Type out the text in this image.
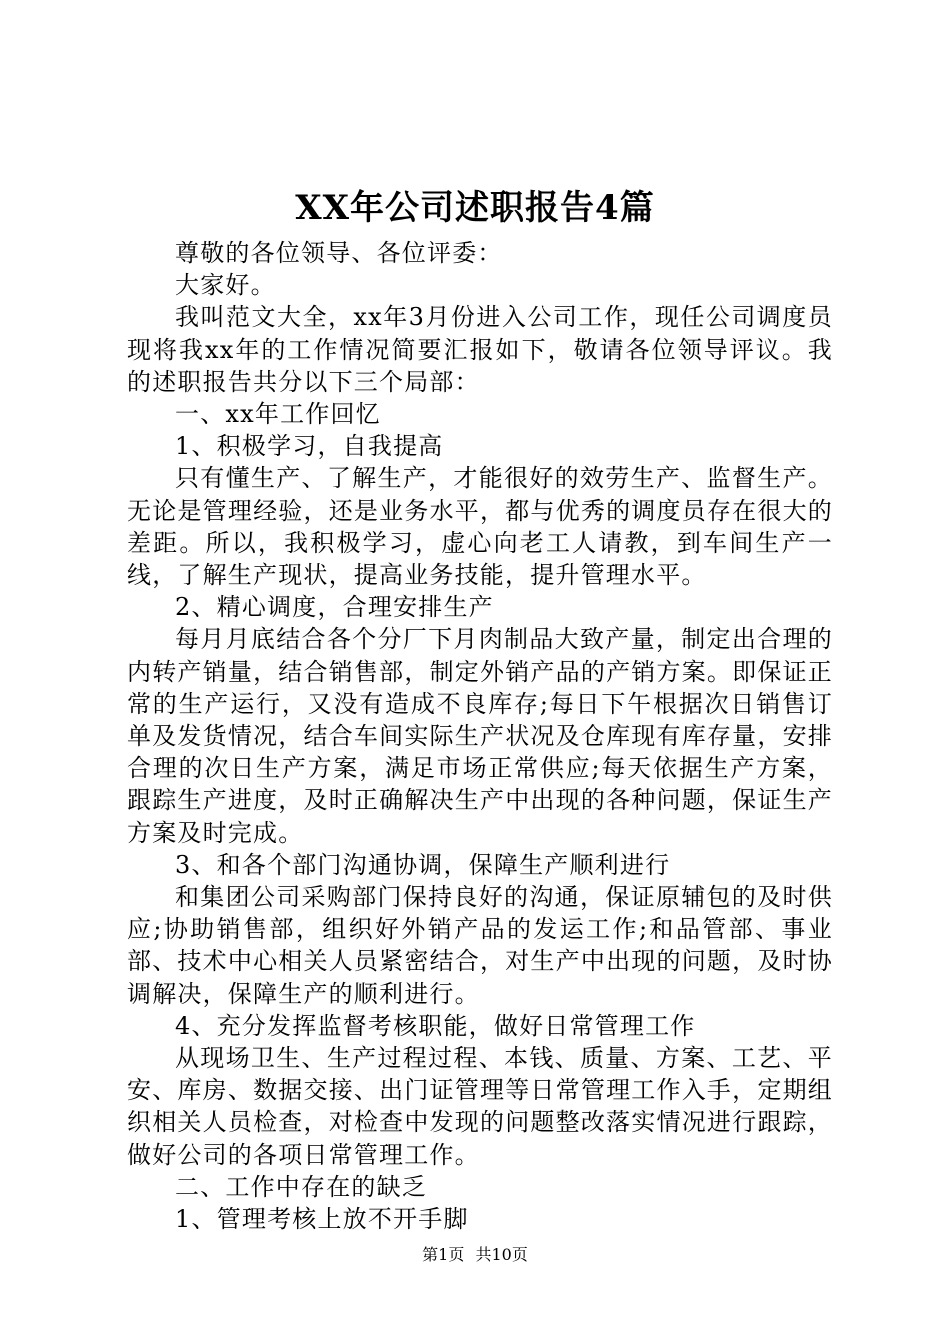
XX年公司述职报告4篇

尊敬的各位领导、各位评委：

大家好。

我叫范文大全，xx年3月份进入公司工作，现任公司调度员现将我xx年的工作情况简要汇报如下，敬请各位领导评议。我的述职报告共分以下三个局部：

一、xx年工作回忆

1、积极学习，自我提高

只有懂生产、了解生产，才能很好的效劳生产、监督生产。无论是管理经验，还是业务水平，都与优秀的调度员存在很大的差距。所以，我积极学习，虚心向老工人请教，到车间生产一线，了解生产现状，提高业务技能，提升管理水平。

2、精心调度，合理安排生产

每月月底结合各个分厂下月肉制品大致产量，制定出合理的内转产销量，结合销售部，制定外销产品的产销方案。即保证正常的生产运行，又没有造成不良库存;每日下午根据次日销售订单及发货情况，结合车间实际生产状况及仓库现有库存量，安排合理的次日生产方案，满足市场正常供应;每天依据生产方案，跟踪生产进度，及时正确解决生产中出现的各种问题，保证生产方案及时完成。

3、和各个部门沟通协调，保障生产顺利进行

和集团公司采购部门保持良好的沟通，保证原辅包的及时供应;协助销售部，组织好外销产品的发运工作;和品管部、事业部、技术中心相关人员紧密结合，对生产中出现的问题，及时协调解决，保障生产的顺利进行。

4、充分发挥监督考核职能，做好日常管理工作

从现场卫生、生产过程过程、本钱、质量、方案、工艺、平安、库房、数据交接、出门证管理等日常管理工作入手，定期组织相关人员检查，对检查中发现的问题整改落实情况进行跟踪，做好公司的各项日常管理工作。

二、工作中存在的缺乏

1、管理考核上放不开手脚

第1页 共10页
